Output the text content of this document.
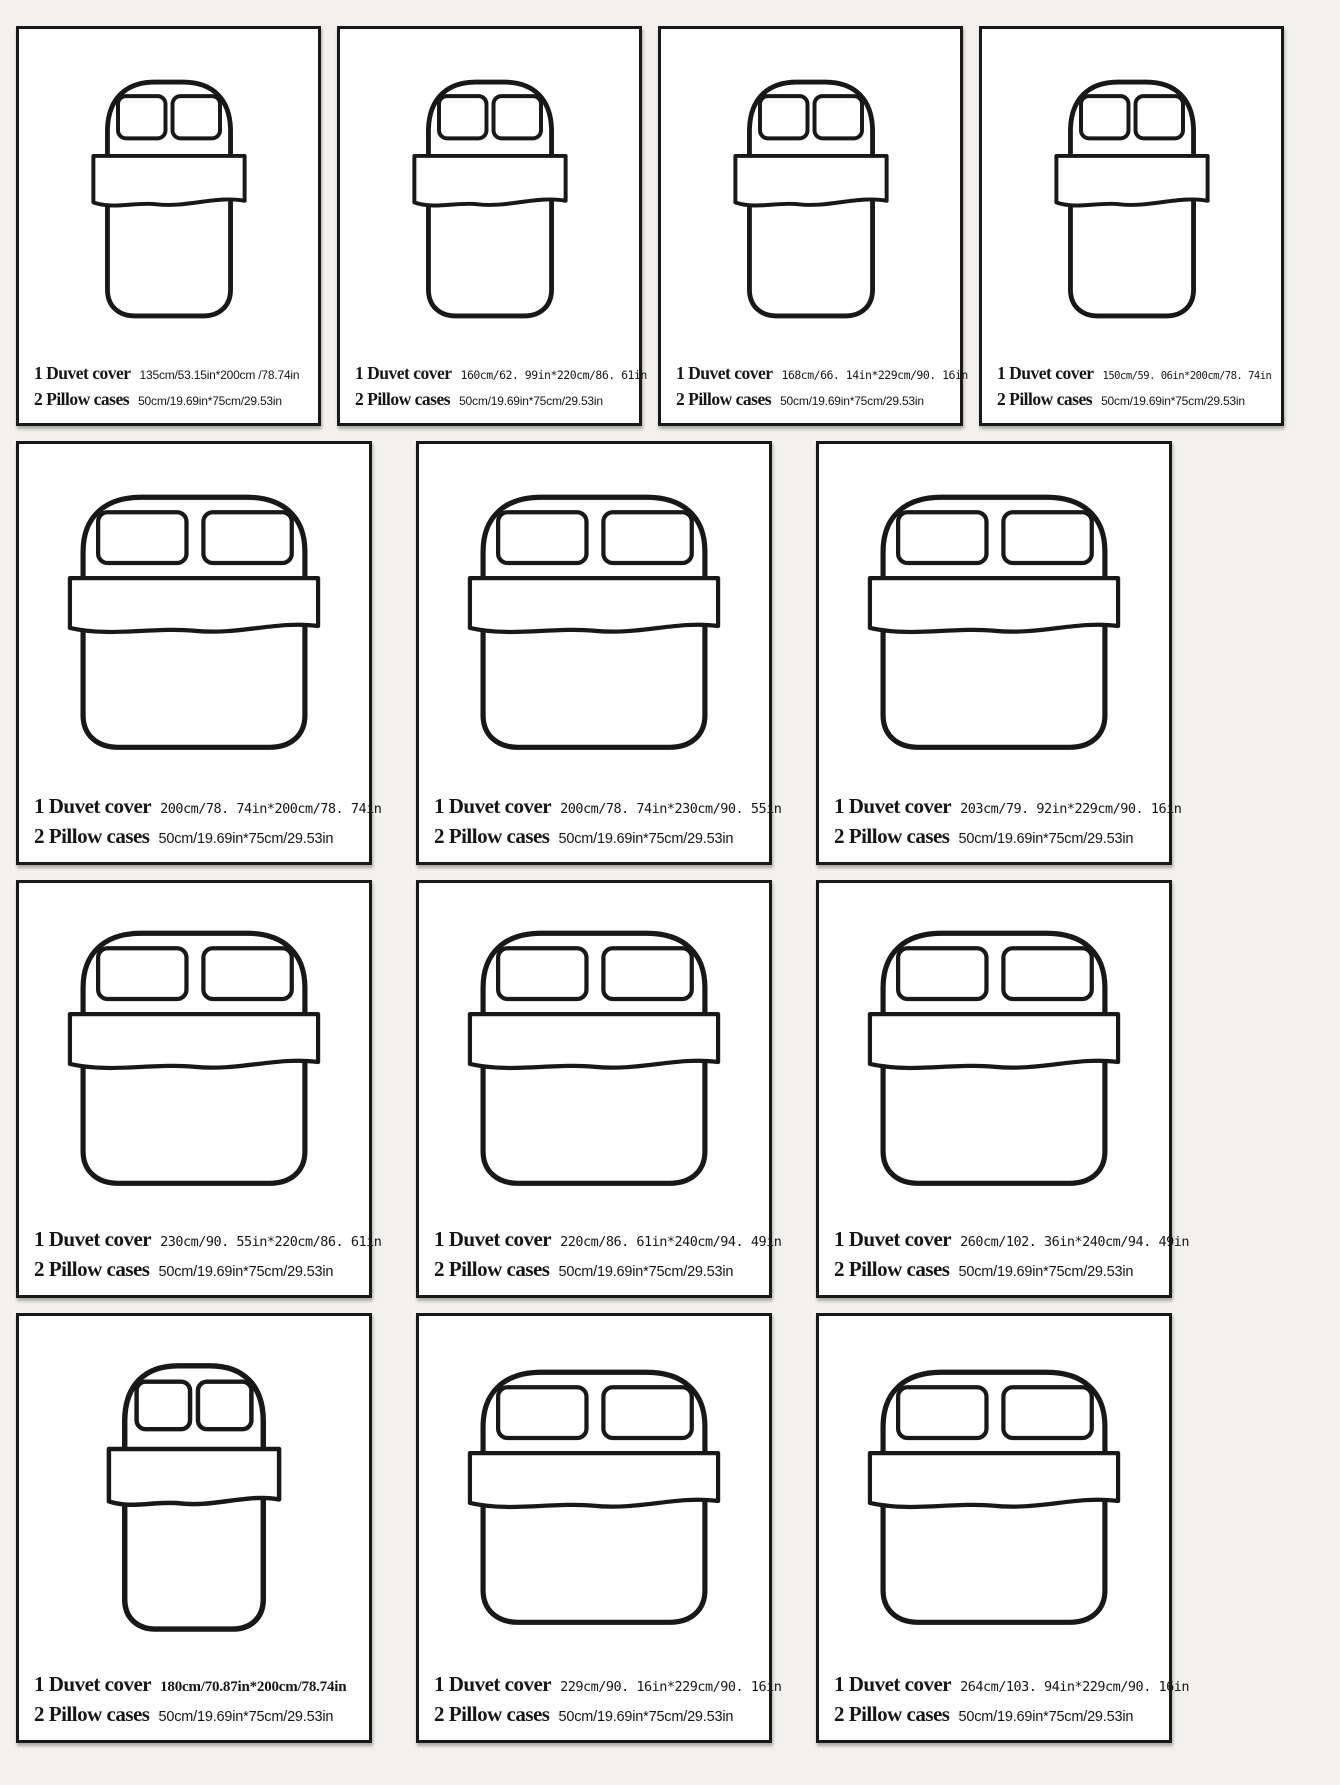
1 Duvet cover 135cm/53.15in*200cm /78.74in
2 Pillow cases 50cm/19.69in*75cm/29.53in
1 Duvet cover 160cm/62. 99in*220cm/86. 61in
2 Pillow cases 50cm/19.69in*75cm/29.53in
1 Duvet cover 168cm/66. 14in*229cm/90. 16in
2 Pillow cases 50cm/19.69in*75cm/29.53in
1 Duvet cover 150cm/59. 06in*200cm/78. 74in
2 Pillow cases 50cm/19.69in*75cm/29.53in
1 Duvet cover 200cm/78. 74in*200cm/78. 74in
2 Pillow cases 50cm/19.69in*75cm/29.53in
1 Duvet cover 200cm/78. 74in*230cm/90. 55in
2 Pillow cases 50cm/19.69in*75cm/29.53in
1 Duvet cover 203cm/79. 92in*229cm/90. 16in
2 Pillow cases 50cm/19.69in*75cm/29.53in
1 Duvet cover 230cm/90. 55in*220cm/86. 61in
2 Pillow cases 50cm/19.69in*75cm/29.53in
1 Duvet cover 220cm/86. 61in*240cm/94. 49in
2 Pillow cases 50cm/19.69in*75cm/29.53in
1 Duvet cover 260cm/102. 36in*240cm/94. 49in
2 Pillow cases 50cm/19.69in*75cm/29.53in
1 Duvet cover 180cm/70.87in*200cm/78.74in
2 Pillow cases 50cm/19.69in*75cm/29.53in
1 Duvet cover 229cm/90. 16in*229cm/90. 16in
2 Pillow cases 50cm/19.69in*75cm/29.53in
1 Duvet cover 264cm/103. 94in*229cm/90. 16in
2 Pillow cases 50cm/19.69in*75cm/29.53in
